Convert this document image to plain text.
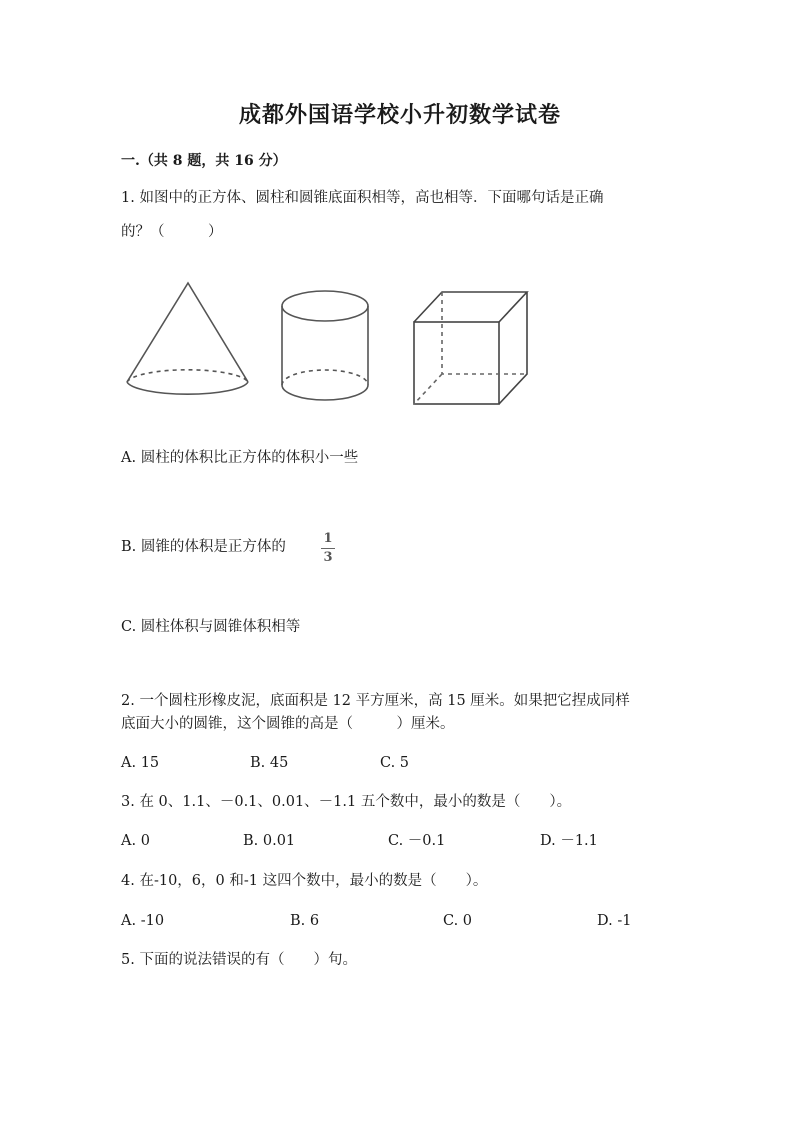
成都外国语学校小升初数学试卷
一.（共 8 题，共 16 分）
1. 如图中的正方体、圆柱和圆锥底面积相等，高也相等．下面哪句话是正确
的？（　　　）
A. 圆柱的体积比正方体的体积小一些
B. 圆锥的体积是正方体的
1
3
C. 圆柱体积与圆锥体积相等
2. 一个圆柱形橡皮泥，底面积是 12 平方厘米，高 15 厘米。如果把它捏成同样
底面大小的圆锥，这个圆锥的高是（　　　）厘米。
A. 15	B. 45	C. 5
3. 在 0、1.1、－0.1、0.01、－1.1 五个数中，最小的数是（　　）。
A. 0	B. 0.01	C. －0.1	D. －1.1
4. 在-10，6，0 和-1 这四个数中，最小的数是（　　）。
A. -10	B. 6	C. 0	D. -1
5. 下面的说法错误的有（　　）句。
